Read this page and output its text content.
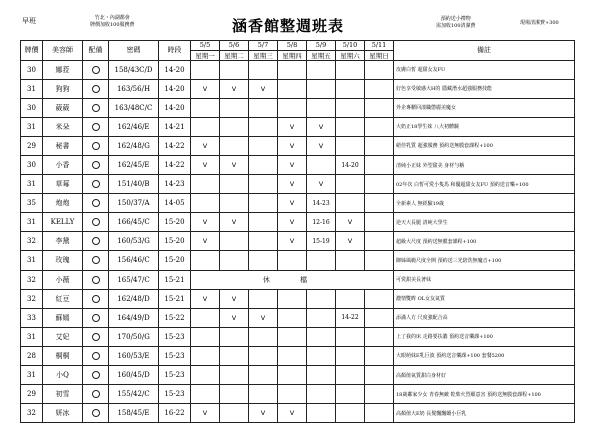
早班	竹北・內湖都會
牌價加收100服務費	涵香館整週班表	預約送小禮物
需加收100清潔費	現場清潔費+300
牌價	美容師	配備	密碼	時段	5/5	5/6	5/7	5/8	5/9	5/10	5/11	備註
					星期一	星期二	星期三	星期四	星期五	星期六	星期日	
30	娜菈		158/43C/D	14-20								皮膚白皙 超甜女友FU
31	狗狗		163/56/H	14-20	V	V	V					好色享受敏感大H的 隱藏潛水超強服務技能
30	葳葳		163/48C/C	14-20								外企專櫃回漾職懲麗美魔女
31	米朵		162/46/E	14-21				V	V			大奶正18學生妹 八大初體驗
29	秘書		162/48/G	14-22	V			V	V			絕佳乳質 超強服務 預約送無膜套課程+100
30	小香		162/45/E	14-22	V	V		V		14-20		清純小正妹 外型甜美 身材勻稱
31	草莓		151/40/B	14-23				V	V			02年次 白皙可愛小隻馬 和優超甜女友FU 預約送音樂+100
35	炮炮		150/37/A	14-05				V	14-23			全新素人 無經驗19歲
31	KELLY		166/45/C	15-20	V	V		V	12-16	V		逆天大長腿 清純大學生
32	李黛		160/53/G	15-20	V			V	15-19	V		超級大尺度 預約送無膜套課程+100
31	玫瑰		156/46/C	15-20								御姊風範尺度全開 預約送三光陪洗無魔音+100
32	小薇		165/47/C	15-21	休 檔							可愛甜美長著妹
32	紅豆		162/48/D	15-21	V	V						濃情雙眸 OL女友氣質
33	蘇嫣		164/49/D	15-22		V	V			14-22		添滿人方 尺度強配合高
31	艾妃		170/50/G	15-23								上了我的床 走路要扶牆 預約送音樂課+100
28	桐桐		160/53/E	15-23								大眼萌妹E乳巨波 預約送音樂課+100 套餐5200
31	小Q		160/45/D	15-23								高顏值氣質甜白身材好
29	初雪		155/42/C	15-23								18歲鄰家少女 青春無敵 乾柴火烈願意害 預約送無膜套課程+100
32	妍冰		158/45/E	16-22	V		V	V				高顏值大E奶 長髮飄飄嬌小巨乳
